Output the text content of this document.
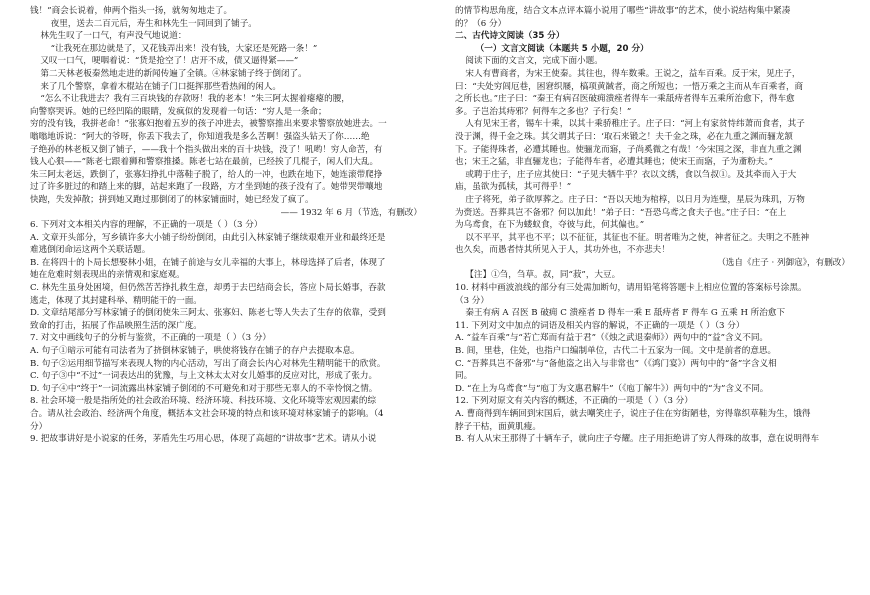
钱！”商会长说着，伸两个指头一扬，就匆匆地走了。

夜里，送去二百元后，寿生和林先生一同回到了铺子。

林先生叹了一口气，有声没气地说道：

“让我死在那边就是了，又花钱弄出来！没有钱，大家还是死路一条！”

又叹一口气，哽咽着说：“货是抢空了！店开不成，债又逼得紧——”

第二天林老板秦然地走进的新闻传遍了全镇。④林家铺子终于倒闭了。

来了几个警察，拿着木棍站在铺子门口挺挥那些看热闹的闲人。

“怎么不让我进去？我有三百块钱的存款呀！我的老本！”朱三阿太握着瘪瘪的腰，

向警察哭诉。她的已经凹陷的眼睛，发疯似的发现着一句话：“穷人是一条命；

穷的没有钱，我拼老命！”张寡妇抱着五岁的孩子冲进去，被警察推出来要求警察放她进去。一

嗡嗡地诉说：“阿大的爷呀，你丢下我去了，你知道我是多么苦啊！强盗头钻天了你……绝

子绝孙的林老板又倒了铺子，——我十个指头做出来的百十块钱，没了！吼哟！穷人命苦，有

钱人心狠——”陈老七跟着狮和警察推搡。陈老七站在最前，已经挨了几棍子，闲人们大乱。

朱三阿太老远，跌倒了，张寡妇挣扎中落鞋子脱了，给人的一冲，也跌在地下，她连滚带爬挣

过了许多脏过的和踏上来的脚，站起来跑了一段路，方才坐到她的孩子没有了。她带哭带嚷地

快跑，失发掉散；拼到她又跑过那倒闭了的林家铺面时，她已经发了疯了。

—— 1932 年 6 月（节选，有删改）

6. 下列对文本相关内容的理解，不正确的一项是（ ）（3 分）

A. 文章开头部分，写乡镇许多大小铺子纷纷倒闭，由此引入林家铺子继续艰难开业和最终还是

难逃倒闭命运这两个关联话题。

B. 在将四十的卜局长想娶林小姐，在铺子前途与女儿幸福的大事上，林母选择了后者，体现了

她在危难时刻表现出的亲情观和家庭观。

C. 林先生虽身处困境，但仍然苦苦挣扎救生意，却勇于去巴结商会长，答应卜局长婚事，吞款

逃走，体现了其封建科举、精明能干的一面。

D. 文章结尾部分写林家铺子的倒闭使朱三阿太、张寡妇、陈老七等人失去了生存的依靠，受到

致命的打击，拓展了作品映照生活的深广度。

7. 对文中画线句子的分析与鉴赏，不正确的一项是（ ）（3 分）

A. 句子①暗示可能有司法者为了挤倒林家铺子，哄使将钱存在铺子的存户去提取本息。

B. 句子②运用细节描写来表现人物的内心活动，写出了商会长内心对林先生精明能干的欣赏。

C. 句子③中“不过”一词表达出的犹豫，与上文林太太对女儿婚事的反应对比，形成了张力。

D. 句子④中“终于”一词流露出林家铺子倒闭的不可避免和对于那些无辜人的不幸怜悯之情。

8. 社会环境一般是指所处的社会政治环境、经济环境、科技环境、文化环境等宏观因素的综

合。请从社会政治、经济两个角度，概括本文社会环境的特点和该环境对林家铺子的影响。（4

分）

9. 把故事讲好是小说家的任务，茅盾先生巧用心思，体现了高超的“讲故事”艺术。请从小说

的情节构思角度，结合文本点评本篇小说用了哪些“讲故事”的艺术，使小说结构集中紧凑

的？（6 分）

二、古代诗文阅读（35 分）

（一）文言文阅读（本题共 5 小题，20 分）

阅读下面的文言文，完成下面小题。

宋人有曹商者，为宋王使秦。其往也，得车数乘。王说之，益车百乘。反于宋，见庄子，

曰：“夫处穷闾厄巷，困窘织屦，槁项黄馘者，商之所短也；一悟万乘之主而从车百乘者，商

之所长也。”庄子曰：“秦王有病召医破痈溃痤者得车一乘舐痔者得车五乘所治愈下，得车愈

多。子岂治其痔邪？何得车之多也？子行矣！”

人有见宋王者，锡车十乘，以其十乘骄稚庄子。庄子曰：“河上有家贫恃纬萧而食者，其子

没于渊，得千金之珠。其父谓其子曰：‘取石来锻之！夫千金之珠，必在九重之渊而骊龙颔

下。子能得珠者，必遭其睡也。使骊龙而寤，子尚奚微之有哉！’今宋国之深，非直九重之渊

也；宋王之猛，非直骊龙也；子能得车者，必遭其睡也；使宋王而寤，子为齑粉夫。”

或聘于庄子，庄子应其使曰：“子见夫牺牛乎？衣以文绣，食以刍叔①。及其牵而入于大

庙，虽欲为孤犊，其可得乎！”

庄子将死，弟子欲厚葬之。庄子曰：“吾以天地为棺椁，以日月为连璧，星辰为珠玑，万物

为赍送。吾葬具岂不备邪？何以加此！”弟子曰：“吾恐乌鸢之食夫子也。”庄子曰：“在上

为乌鸢食，在下为蝼蚁食，夺彼与此，何其偏也。”

以不平平，其平也不平；以不征征，其征也不征。明者唯为之使，神者征之。夫明之不胜神

也久矣，而愚者恃其所见入于人，其功外也，不亦悲夫！

（选自《庄子 · 列御寇》，有删改）

【注】①刍，刍草。叔，同“菽”，大豆。

10. 材料中画波浪线的部分有三处需加断句，请用铅笔将答题卡上相应位置的答案标号涂黑。

（3 分）

秦王有病 A 召医 B 破痈 C 溃痤者 D 得车一乘 E 舐痔者 F 得车 G 五乘 H 所治愈下

11. 下列对文中加点的词语及相关内容的解说，不正确的一项是（ ）（3 分）

A. “益车百乘”与“若亡郑而有益于君”（《烛之武退秦师》）两句中的“益”含义不同。

B. 闾，里巷，住处，也指户口编制单位，古代二十五家为一闾。文中是前者的意思。

C. “吾葬具岂不备邪”与“备他盗之出入与非常也”（《鸿门宴》）两句中的“备”字含义相

同。

D. “在上为乌鸢食”与“庖丁为文惠君解牛”（《庖丁解牛》）两句中的“为”含义不同。

12. 下列对原文有关内容的概述，不正确的一项是（ ）（3 分）

A. 曹商得到车辆回到宋国后，就去嘲笑庄子，说庄子住在穷街陋巷，穷得靠织草鞋为生，饿得

脖子干枯，面黄肌瘦。

B. 有人从宋王那得了十辆车子，就向庄子夸耀。庄子用拒绝讲了穷人得珠的故事，意在说明得车
